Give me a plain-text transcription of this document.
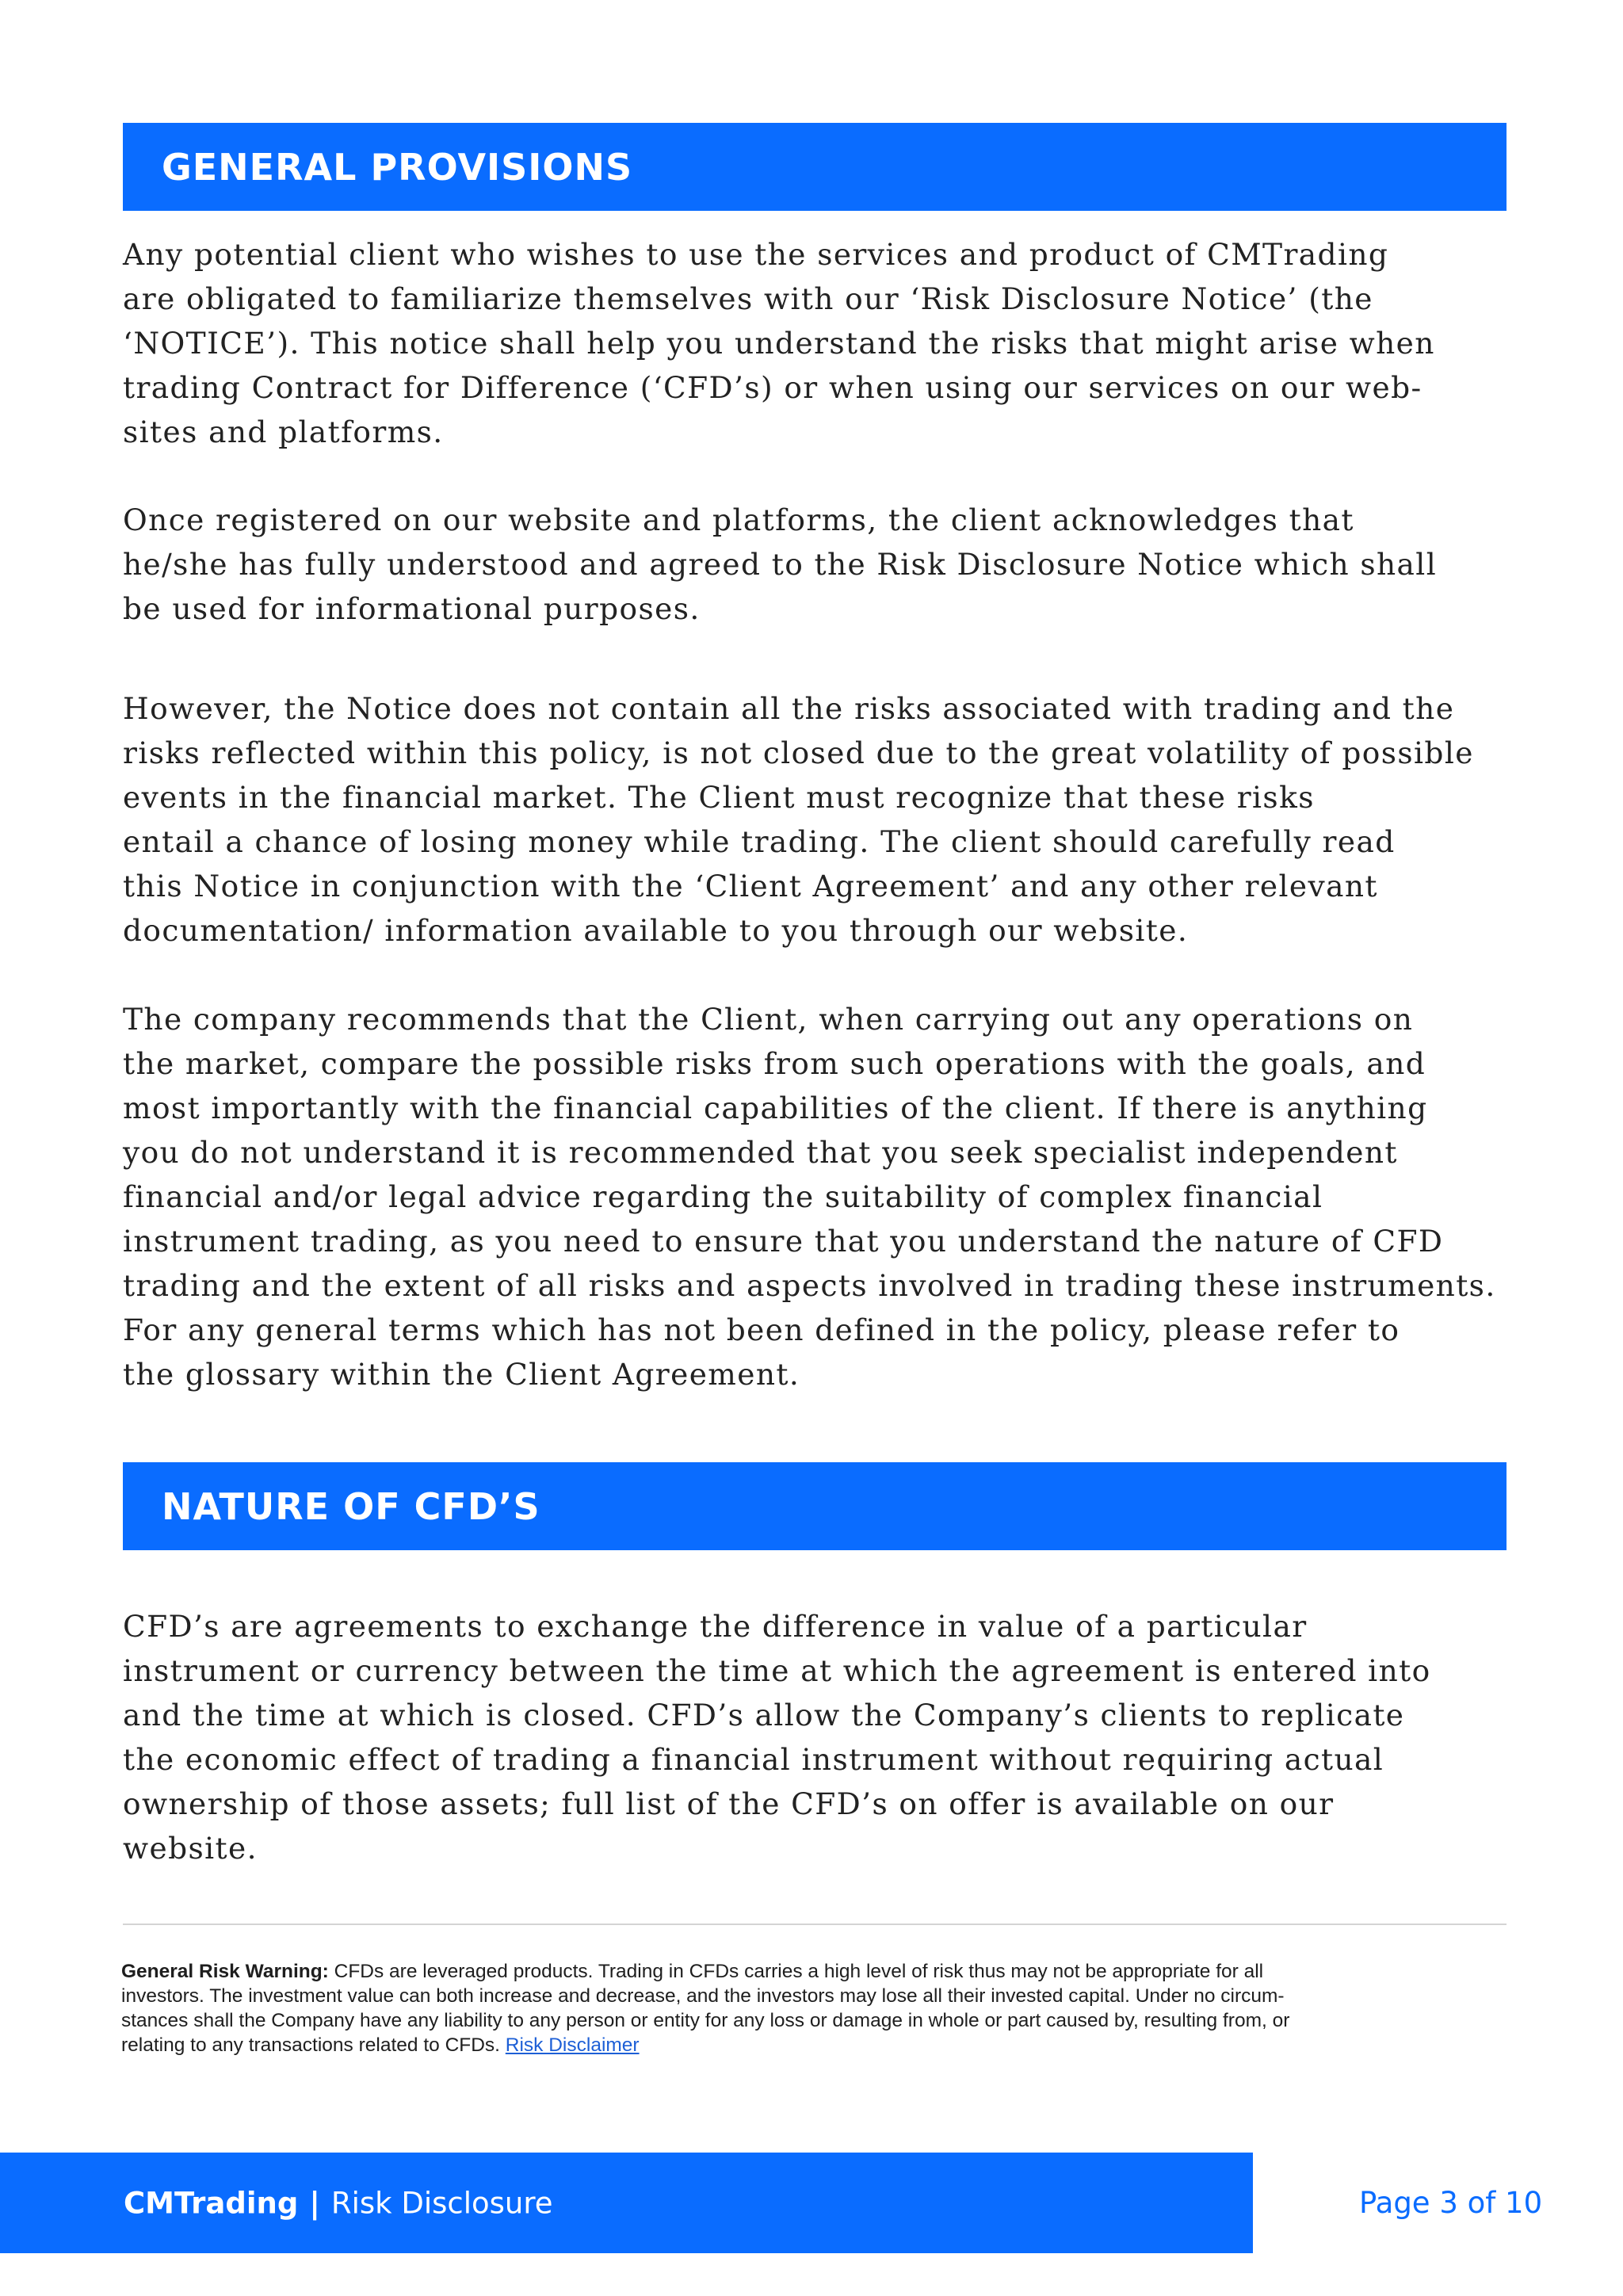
GENERAL PROVISIONS

Any potential client who wishes to use the services and product of CMTrading
are obligated to familiarize themselves with our ‘Risk Disclosure Notice’ (the
‘NOTICE’). This notice shall help you understand the risks that might arise when
trading Contract for Difference (‘CFD’s) or when using our services on our web-
sites and platforms.

Once registered on our website and platforms, the client acknowledges that
he/she has fully understood and agreed to the Risk Disclosure Notice which shall
be used for informational purposes.

However, the Notice does not contain all the risks associated with trading and the
risks reflected within this policy, is not closed due to the great volatility of possible
events in the financial market. The Client must recognize that these risks
entail a chance of losing money while trading. The client should carefully read
this Notice in conjunction with the ‘Client Agreement’ and any other relevant
documentation/ information available to you through our website.

The company recommends that the Client, when carrying out any operations on
the market, compare the possible risks from such operations with the goals, and
most importantly with the financial capabilities of the client. If there is anything
you do not understand it is recommended that you seek specialist independent
financial and/or legal advice regarding the suitability of complex financial
instrument trading, as you need to ensure that you understand the nature of CFD
trading and the extent of all risks and aspects involved in trading these instruments.
For any general terms which has not been defined in the policy, please refer to
the glossary within the Client Agreement.

NATURE OF CFD’S

CFD’s are agreements to exchange the difference in value of a particular
instrument or currency between the time at which the agreement is entered into
and the time at which is closed. CFD’s allow the Company’s clients to replicate
the economic effect of trading a financial instrument without requiring actual
ownership of those assets; full list of the CFD’s on offer is available on our
website.

General Risk Warning: CFDs are leveraged products. Trading in CFDs carries a high level of risk thus may not be appropriate for all
investors. The investment value can both increase and decrease, and the investors may lose all their invested capital. Under no circum-
stances shall the Company have any liability to any person or entity for any loss or damage in whole or part caused by, resulting from, or
relating to any transactions related to CFDs. Risk Disclaimer

CMTrading | Risk Disclosure	Page 3 of 10
